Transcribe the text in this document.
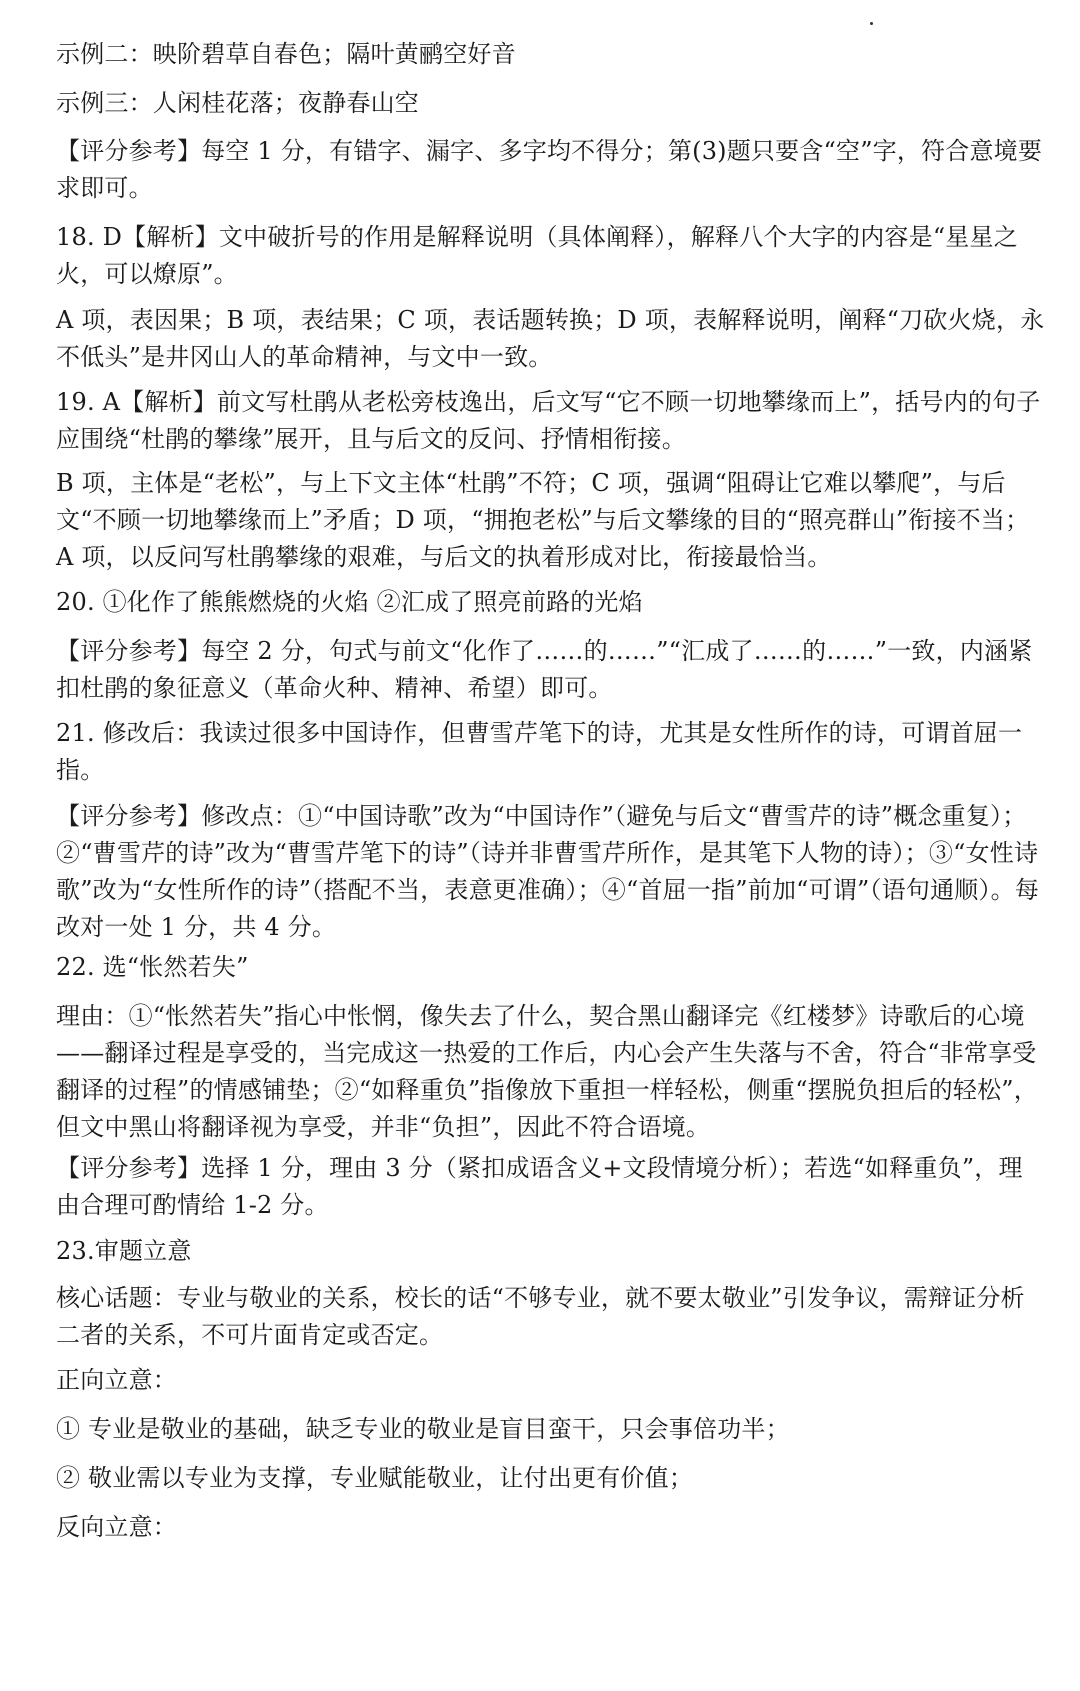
示例二：映阶碧草自春色；隔叶黄鹂空好音

示例三：人闲桂花落；夜静春山空

【评分参考】每空 1 分，有错字、漏字、多字均不得分；第(3)题只要含“空”字，符合意境要求即可。

18. D【解析】文中破折号的作用是解释说明（具体阐释），解释八个大字的内容是“星星之火，可以燎原”。

A 项，表因果；B 项，表结果；C 项，表话题转换；D 项，表解释说明，阐释“刀砍火烧，永不低头”是井冈山人的革命精神，与文中一致。

19. A【解析】前文写杜鹃从老松旁枝逸出，后文写“它不顾一切地攀缘而上”，括号内的句子应围绕“杜鹃的攀缘”展开，且与后文的反问、抒情相衔接。

B 项，主体是“老松”，与上下文主体“杜鹃”不符；C 项，强调“阻碍让它难以攀爬”，与后文“不顾一切地攀缘而上”矛盾；D 项，“拥抱老松”与后文攀缘的目的“照亮群山”衔接不当；A 项，以反问写杜鹃攀缘的艰难，与后文的执着形成对比，衔接最恰当。

20. ①化作了熊熊燃烧的火焰 ②汇成了照亮前路的光焰

【评分参考】每空 2 分，句式与前文“化作了……的……”“汇成了……的……”一致，内涵紧扣杜鹃的象征意义（革命火种、精神、希望）即可。

21. 修改后：我读过很多中国诗作，但曹雪芹笔下的诗，尤其是女性所作的诗，可谓首屈一指。

【评分参考】修改点：①“中国诗歌”改为“中国诗作”（避免与后文“曹雪芹的诗”概念重复）；②“曹雪芹的诗”改为“曹雪芹笔下的诗”（诗并非曹雪芹所作，是其笔下人物的诗）；③“女性诗歌”改为“女性所作的诗”（搭配不当，表意更准确）；④“首屈一指”前加“可谓”（语句通顺）。每改对一处 1 分，共 4 分。

22. 选“怅然若失”

理由：①“怅然若失”指心中怅惘，像失去了什么，契合黑山翻译完《红楼梦》诗歌后的心境——翻译过程是享受的，当完成这一热爱的工作后，内心会产生失落与不舍，符合“非常享受翻译的过程”的情感铺垫；②“如释重负”指像放下重担一样轻松，侧重“摆脱负担后的轻松”，但文中黑山将翻译视为享受，并非“负担”，因此不符合语境。

【评分参考】选择 1 分，理由 3 分（紧扣成语含义+文段情境分析）；若选“如释重负”，理由合理可酌情给 1-2 分。

23.审题立意

核心话题：专业与敬业的关系，校长的话“不够专业，就不要太敬业”引发争议，需辩证分析二者的关系，不可片面肯定或否定。

正向立意：

① 专业是敬业的基础，缺乏专业的敬业是盲目蛮干，只会事倍功半；

② 敬业需以专业为支撑，专业赋能敬业，让付出更有价值；

反向立意：
